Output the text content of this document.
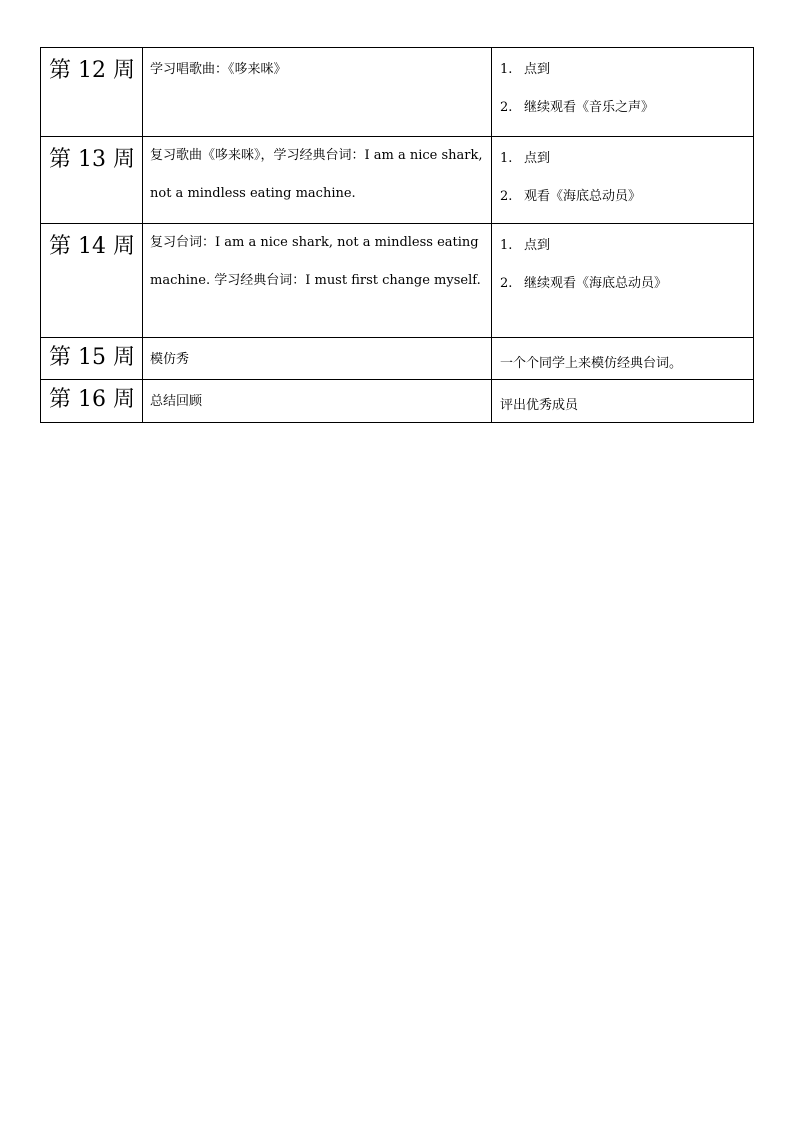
第 12 周	学习唱歌曲：《哆来咪》	1. 点到
2. 继续观看《音乐之声》

第 13 周	复习歌曲《哆来咪》，学习经典台词：I am a nice shark, not a mindless eating machine.	1. 点到
2. 观看《海底总动员》

第 14 周	复习台词：I am a nice shark, not a mindless eating machine. 学习经典台词：I must first change myself.	1. 点到
2. 继续观看《海底总动员》

第 15 周	模仿秀	一个个同学上来模仿经典台词。

第 16 周	总结回顾	评出优秀成员
